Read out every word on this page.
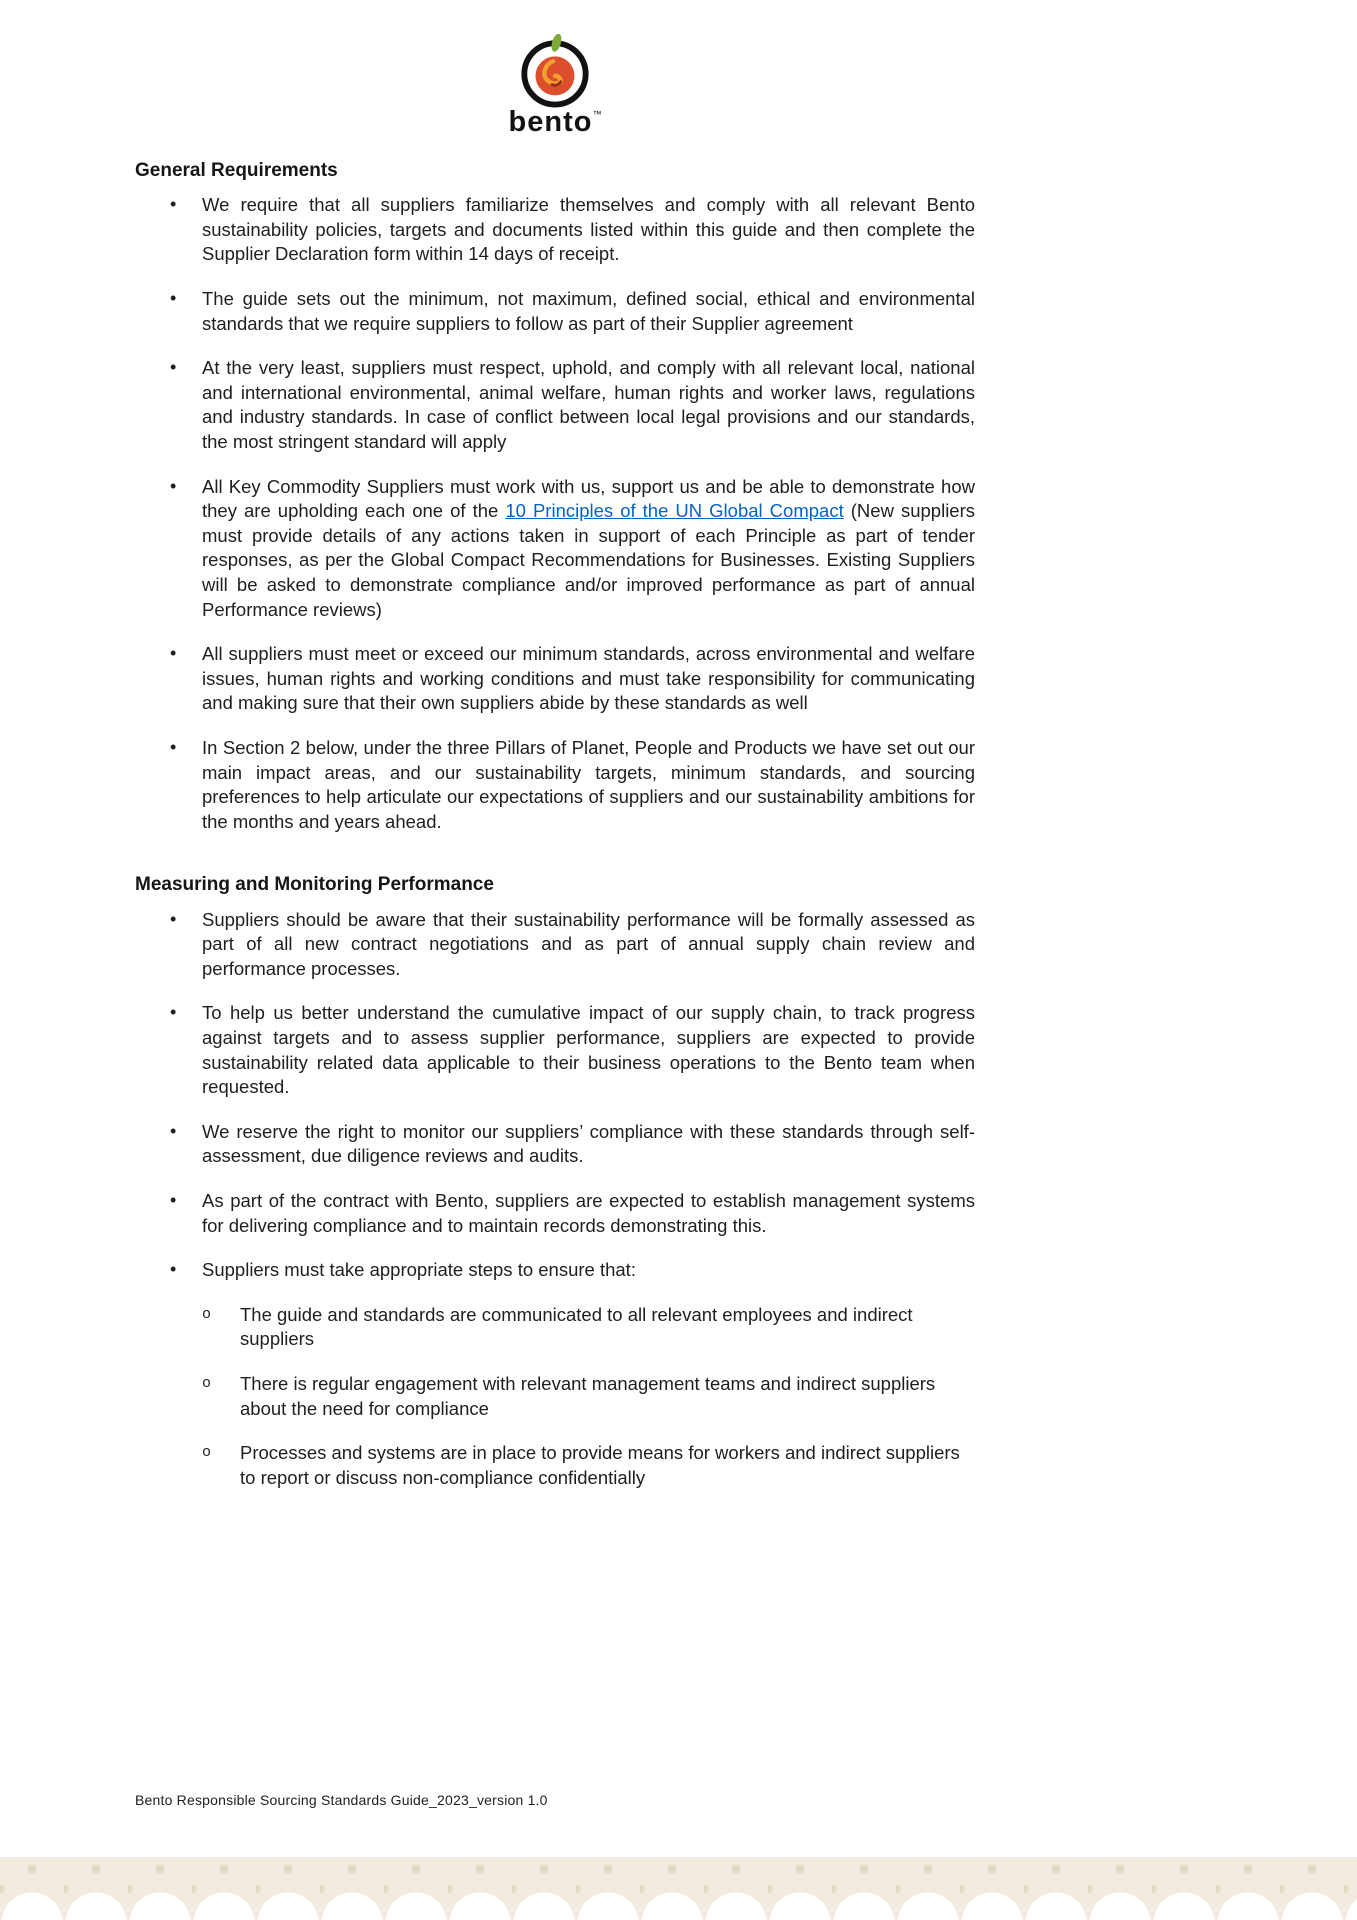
bento™
General Requirements
•	We require that all suppliers familiarize themselves and comply with all relevant Bento sustainability policies, targets and documents listed within this guide and then complete the Supplier Declaration form within 14 days of receipt.

•	The guide sets out the minimum, not maximum, defined social, ethical and environmental standards that we require suppliers to follow as part of their Supplier agreement

•	At the very least, suppliers must respect, uphold, and comply with all relevant local, national and international environmental, animal welfare, human rights and worker laws, regulations and industry standards. In case of conflict between local legal provisions and our standards, the most stringent standard will apply

•	All Key Commodity Suppliers must work with us, support us and be able to demonstrate how they are upholding each one of the 10 Principles of the UN Global Compact (New suppliers must provide details of any actions taken in support of each Principle as part of tender responses, as per the Global Compact Recommendations for Businesses. Existing Suppliers will be asked to demonstrate compliance and/or improved performance as part of annual Performance reviews)

•	All suppliers must meet or exceed our minimum standards, across environmental and welfare issues, human rights and working conditions and must take responsibility for communicating and making sure that their own suppliers abide by these standards as well

•	In Section 2 below, under the three Pillars of Planet, People and Products we have set out our main impact areas, and our sustainability targets, minimum standards, and sourcing preferences to help articulate our expectations of suppliers and our sustainability ambitions for the months and years ahead.

Measuring and Monitoring Performance
•	Suppliers should be aware that their sustainability performance will be formally assessed as part of all new contract negotiations and as part of annual supply chain review and performance processes.

•	To help us better understand the cumulative impact of our supply chain, to track progress against targets and to assess supplier performance, suppliers are expected to provide sustainability related data applicable to their business operations to the Bento team when requested.

•	We reserve the right to monitor our suppliers’ compliance with these standards through self-assessment, due diligence reviews and audits.

•	As part of the contract with Bento, suppliers are expected to establish management systems for delivering compliance and to maintain records demonstrating this.

•	Suppliers must take appropriate steps to ensure that:

o	The guide and standards are communicated to all relevant employees and indirect suppliers

o	There is regular engagement with relevant management teams and indirect suppliers about the need for compliance

o	Processes and systems are in place to provide means for workers and indirect suppliers to report or discuss non-compliance confidentially

Bento Responsible Sourcing Standards Guide_2023_version 1.0
